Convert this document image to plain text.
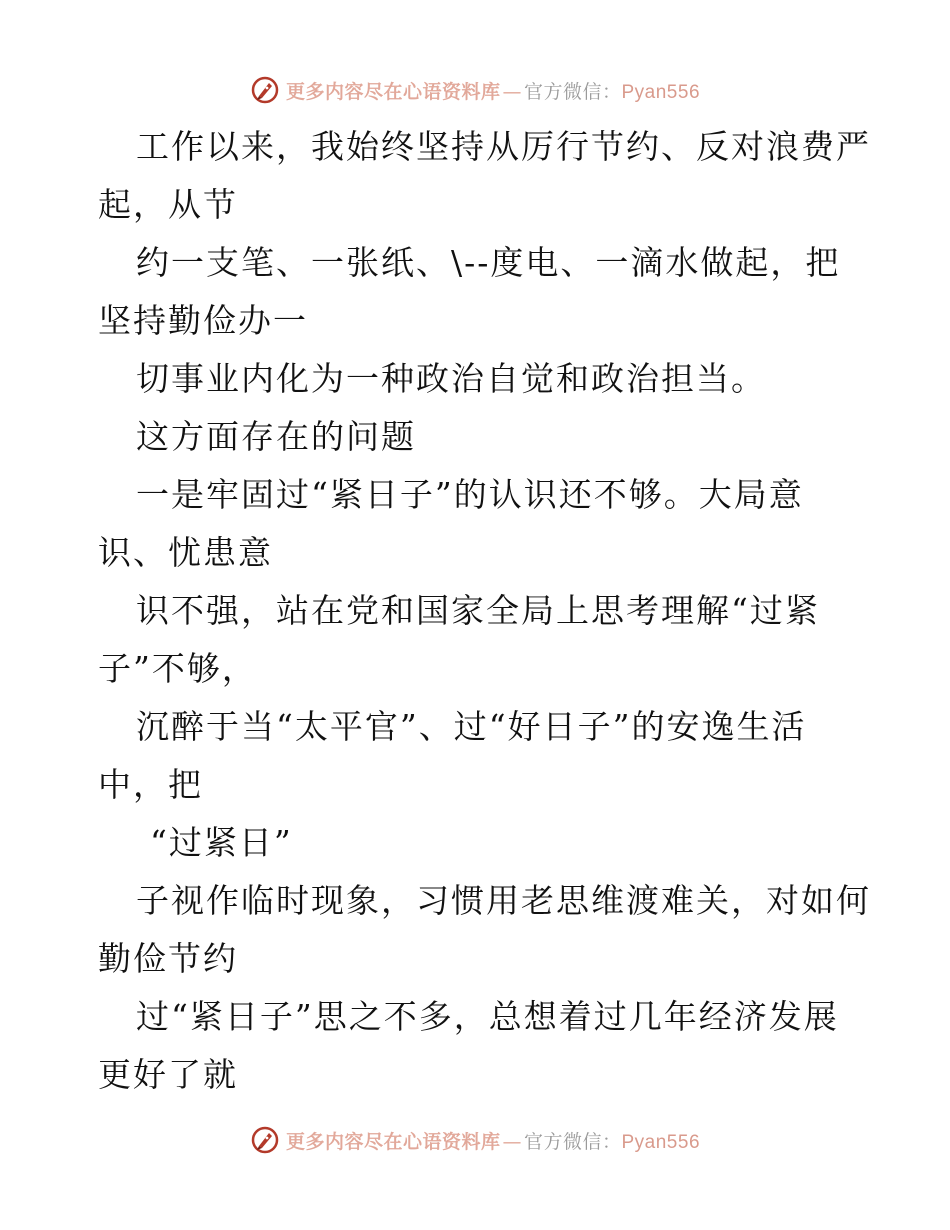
更多内容尽在心语资料库 — 官方微信：Pyan556
工作以来，我始终坚持从厉行节约、反对浪费严
起，从节
约一支笔、一张纸、\--度电、一滴水做起，把
坚持勤俭办一
切事业内化为一种政治自觉和政治担当。
这方面存在的问题
一是牢固过“紧日子”的认识还不够。大局意
识、忧患意
识不强，站在党和国家全局上思考理解“过紧
子”不够，
沉醉于当“太平官”、过“好日子”的安逸生活
中，把
“过紧日”
子视作临时现象，习惯用老思维渡难关，对如何
勤俭节约
过“紧日子”思之不多，总想着过几年经济发展
更好了就
更多内容尽在心语资料库 — 官方微信：Pyan556
